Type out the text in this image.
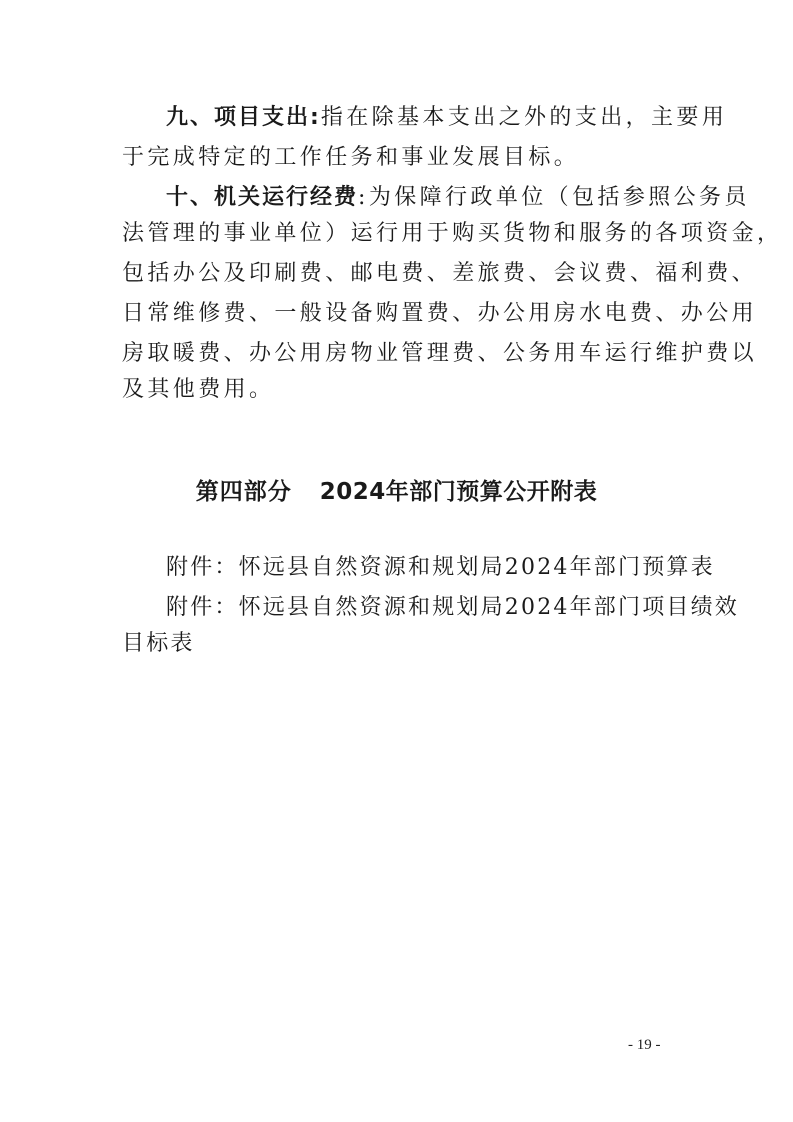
九、项目支出:指在除基本支出之外的支出，主要用
于完成特定的工作任务和事业发展目标。
十、机关运行经费:为保障行政单位（包括参照公务员
法管理的事业单位）运行用于购买货物和服务的各项资金，
包括办公及印刷费、邮电费、差旅费、会议费、福利费、
日常维修费、一般设备购置费、办公用房水电费、办公用
房取暖费、办公用房物业管理费、公务用车运行维护费以
及其他费用。
第四部分 2024年部门预算公开附表
附件：怀远县自然资源和规划局2024年部门预算表
附件：怀远县自然资源和规划局2024年部门项目绩效
目标表
- 19 -
